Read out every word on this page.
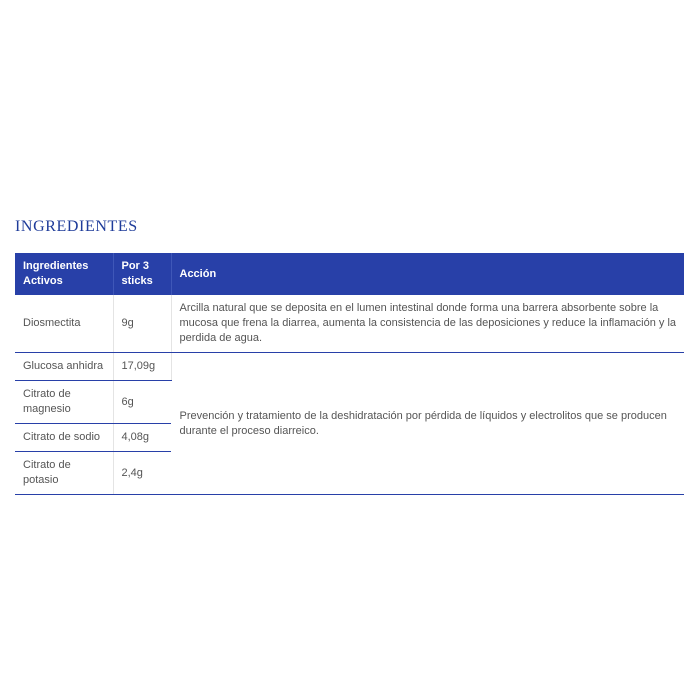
INGREDIENTES
Ingredientes Activos	Por 3 sticks	Acción
Diosmectita	9g	Arcilla natural que se deposita en el lumen intestinal donde forma una barrera absorbente sobre la mucosa que frena la diarrea, aumenta la consistencia de las deposiciones y reduce la inflamación y la perdida de agua.
Glucosa anhidra	17,09g	Prevención y tratamiento de la deshidratación por pérdida de líquidos y electrolitos que se producen durante el proceso diarreico.
Citrato de magnesio	6g	
Citrato de sodio	4,08g	
Citrato de potasio	2,4g	
